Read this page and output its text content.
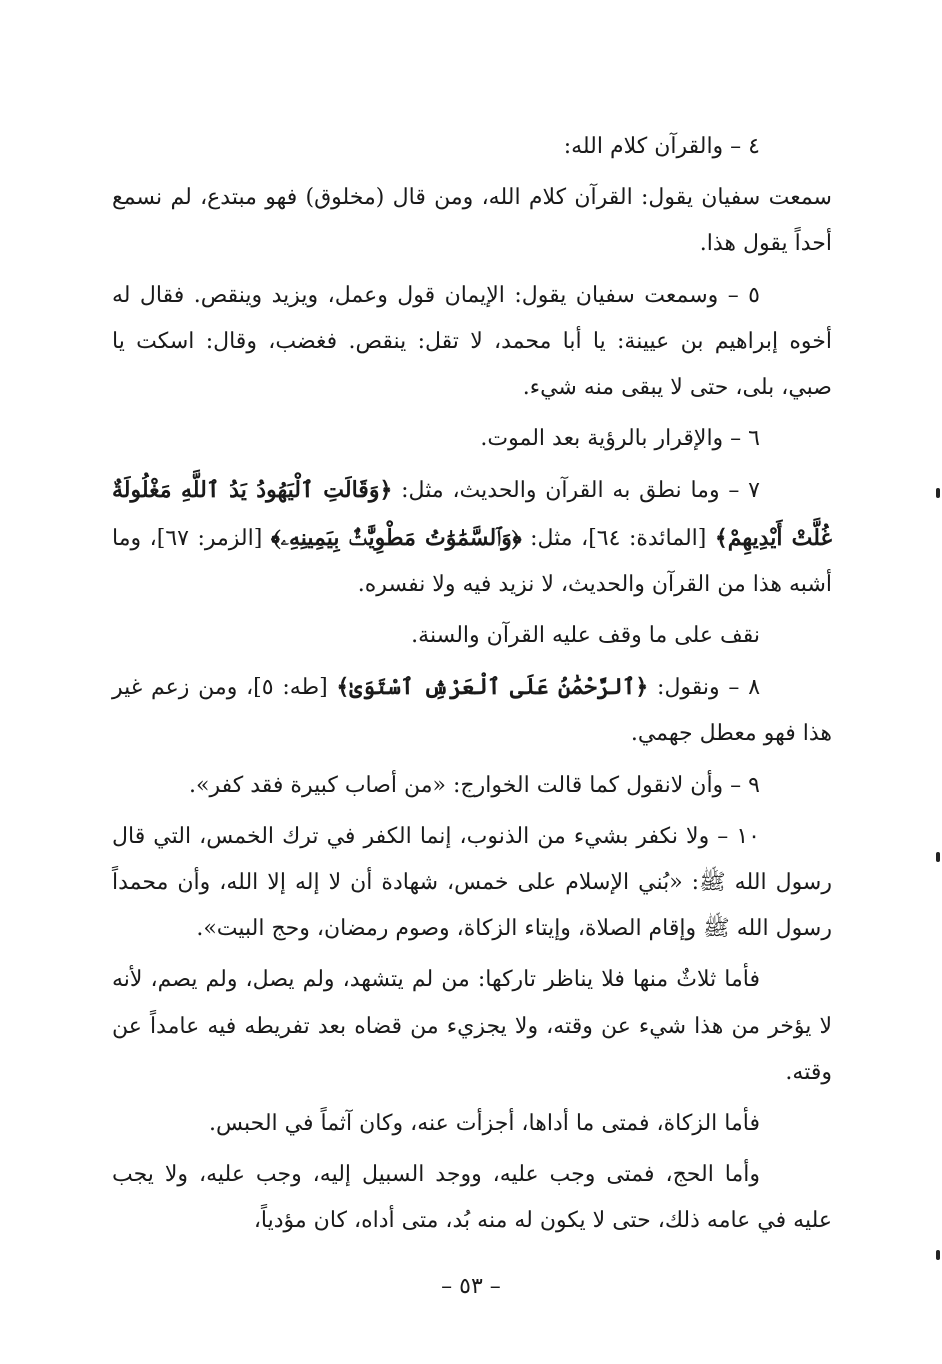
٤ – والقرآن كلام الله:

سمعت سفيان يقول: القرآن كلام الله، ومن قال (مخلوق) فهو مبتدع، لم نسمع أحداً يقول هذا.

٥ – وسمعت سفيان يقول: الإيمان قول وعمل، ويزيد وينقص. فقال له أخوه إبراهيم بن عيينة: يا أبا محمد، لا تقل: ينقص. فغضب، وقال: اسكت يا صبي، بلى، حتى لا يبقى منه شيء.

٦ – والإقرار بالرؤية بعد الموت.

٧ – وما نطق به القرآن والحديث، مثل: ﴿وَقَالَتِ ٱلْيَهُودُ يَدُ ٱللَّهِ مَغْلُولَةٌ غُلَّتْ أَيْدِيهِمْ﴾ [المائدة: ٦٤]، مثل: ﴿وَٱلسَّمَٰوَٰتُ مَطْوِيَّٰتٌۢ بِيَمِينِهِۦ﴾ [الزمر: ٦٧]، وما أشبه هذا من القرآن والحديث، لا نزيد فيه ولا نفسره.

نقف على ما وقف عليه القرآن والسنة.

٨ – ونقول: ﴿ٱلرَّحْمَٰنُ عَلَى ٱلْعَرْشِ ٱسْتَوَىٰ﴾ [طه: ٥]، ومن زعم غير هذا فهو معطل جهمي.

٩ – وأن لانقول كما قالت الخوارج: «من أصاب كبيرة فقد كفر».

١٠ – ولا نكفر بشيء من الذنوب، إنما الكفر في ترك الخمس، التي قال رسول الله ﷺ: «بُني الإسلام على خمس، شهادة أن لا إله إلا الله، وأن محمداً رسول الله ﷺ وإقام الصلاة، وإيتاء الزكاة، وصوم رمضان، وحج البيت».

فأما ثلاثٌ منها فلا يناظر تاركها: من لم يتشهد، ولم يصل، ولم يصم، لأنه لا يؤخر من هذا شيء عن وقته، ولا يجزيء من قضاه بعد تفريطه فيه عامداً عن وقته.

فأما الزكاة، فمتى ما أداها، أجزأت عنه، وكان آثماً في الحبس.

وأما الحج، فمتى وجب عليه، ووجد السبيل إليه، وجب عليه، ولا يجب عليه في عامه ذلك، حتى لا يكون له منه بُد، متى أداه، كان مؤدياً،

– ٥٣ –
